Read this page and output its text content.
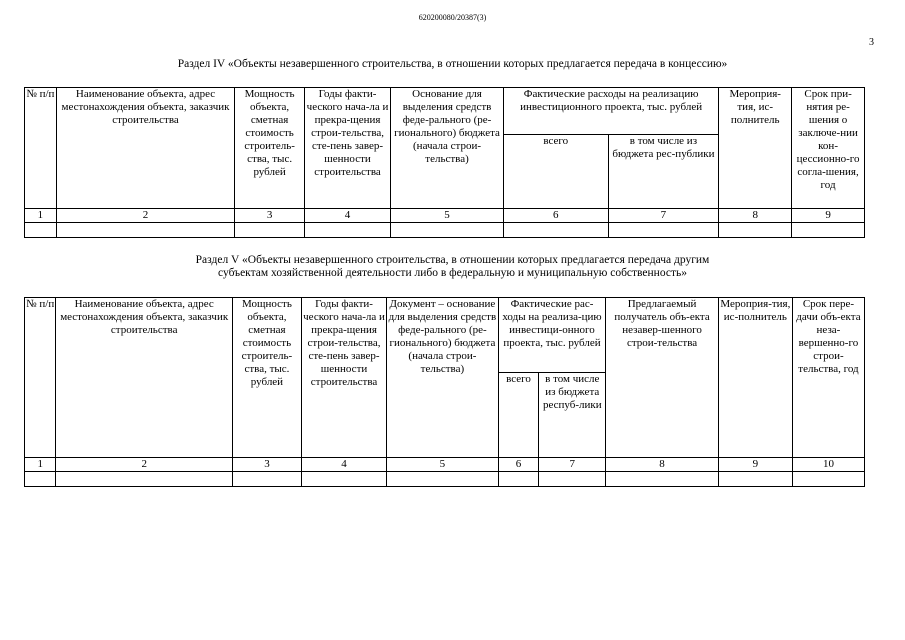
620200080/20387(3)
3
Раздел IV «Объекты незавершенного строительства, в отношении которых предлагается передача в концессию»
№ п/п	Наименование объекта, адрес местонахождения объекта, заказчик строительства	Мощность объекта, сметная стоимость строитель-ства, тыс. рублей	Годы факти-ческого нача-ла и прекра-щения строи-тельства, сте-пень завер-шенности строительства	Основание для выделения средств феде-рального (ре-гионального) бюджета (начала строи-тельства)	Фактические расходы на реализацию инвестиционного проекта, тыс. рублей		Мероприя-тия, ис-полнитель	Срок при-нятия ре-шения о заключе-нии кон-цессионно-го согла-шения, год
					всего	в том числе из бюджета рес-публики		
1	2	3	4	5	6	7	8	9

Раздел V «Объекты незавершенного строительства, в отношении которых предлагается передача другим
субъектам хозяйственной деятельности либо в федеральную и муниципальную собственность»
№ п/п	Наименование объекта, адрес местонахождения объекта, заказчик строительства	Мощность объекта, сметная стоимость строитель-ства, тыс. рублей	Годы факти-ческого нача-ла и прекра-щения строи-тельства, сте-пень завер-шенности строительства	Документ – основание для выделения средств феде-рального (ре-гионального) бюджета (начала строи-тельства)	Фактические рас-ходы на реализа-цию инвестици-онного проекта, тыс. рублей		Предлагаемый получатель объ-екта незавер-шенного строи-тельства	Мероприя-тия, ис-полнитель	Срок пере-дачи объ-екта неза-вершенно-го строи-тельства, год
					всего	в том числе из бюджета респуб-лики			
1	2	3	4	5	6	7	8	9	10
